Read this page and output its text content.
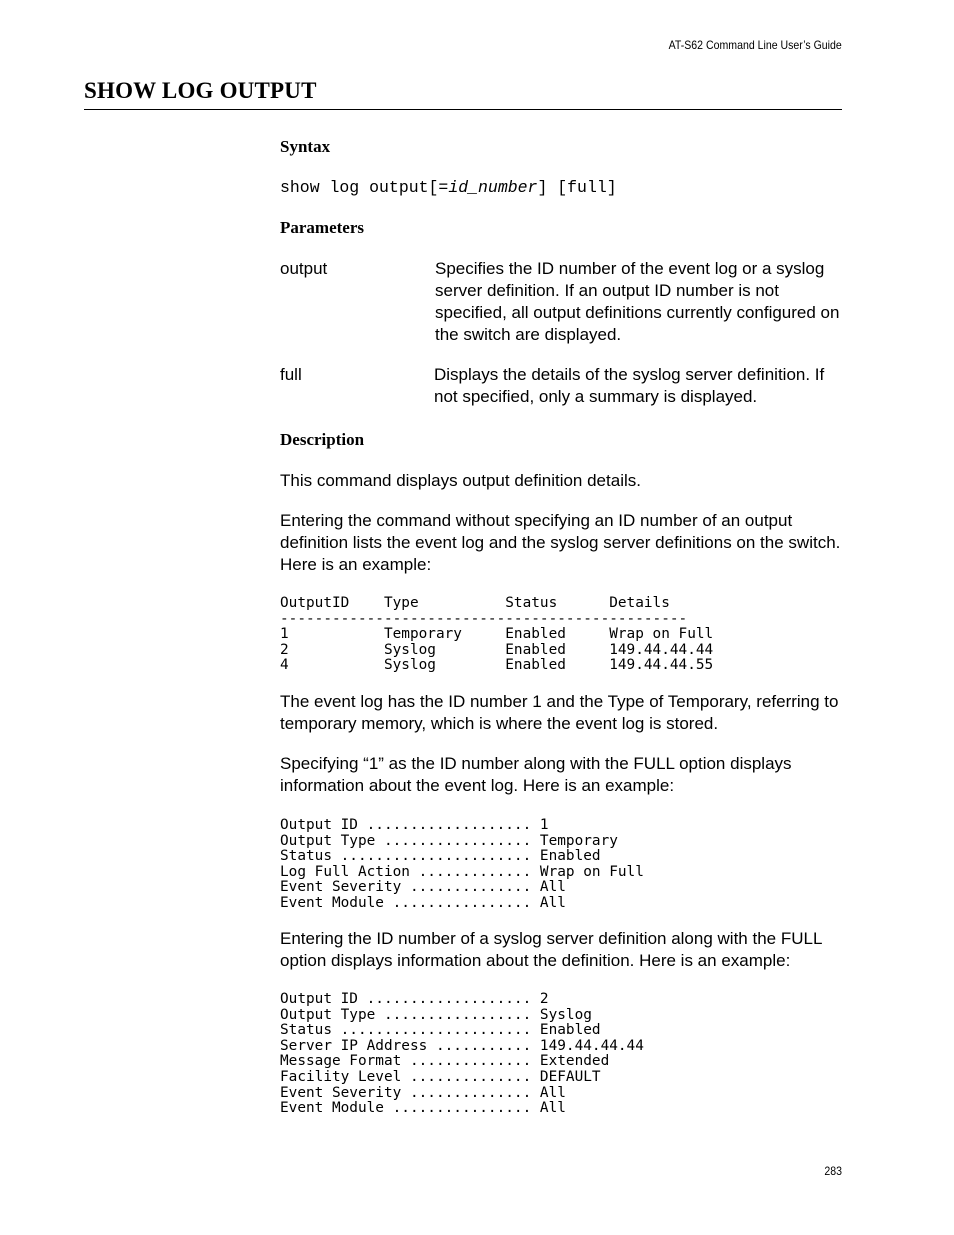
AT-S62 Command Line User’s Guide
SHOW LOG OUTPUT
Syntax

show log output[=id_number] [full]

Parameters
output	Specifies the ID number of the event log or a syslog server definition. If an output ID number is not specified, all output definitions currently configured on the switch are displayed.
full	Displays the details of the syslog server definition. If not specified, only a summary is displayed.
Description

This command displays output definition details.

Entering the command without specifying an ID number of an output definition lists the event log and the syslog server definitions on the switch. Here is an example:

OutputID    Type          Status      Details
-----------------------------------------------
1           Temporary     Enabled     Wrap on Full
2           Syslog        Enabled     149.44.44.44
4           Syslog        Enabled     149.44.44.55

The event log has the ID number 1 and the Type of Temporary, referring to temporary memory, which is where the event log is stored.

Specifying “1” as the ID number along with the FULL option displays information about the event log. Here is an example:

Output ID ................... 1
Output Type ................. Temporary
Status ...................... Enabled
Log Full Action ............. Wrap on Full
Event Severity .............. All
Event Module ................ All

Entering the ID number of a syslog server definition along with the FULL option displays information about the definition. Here is an example:

Output ID ................... 2
Output Type ................. Syslog
Status ...................... Enabled
Server IP Address ........... 149.44.44.44
Message Format .............. Extended
Facility Level .............. DEFAULT
Event Severity .............. All
Event Module ................ All
283
